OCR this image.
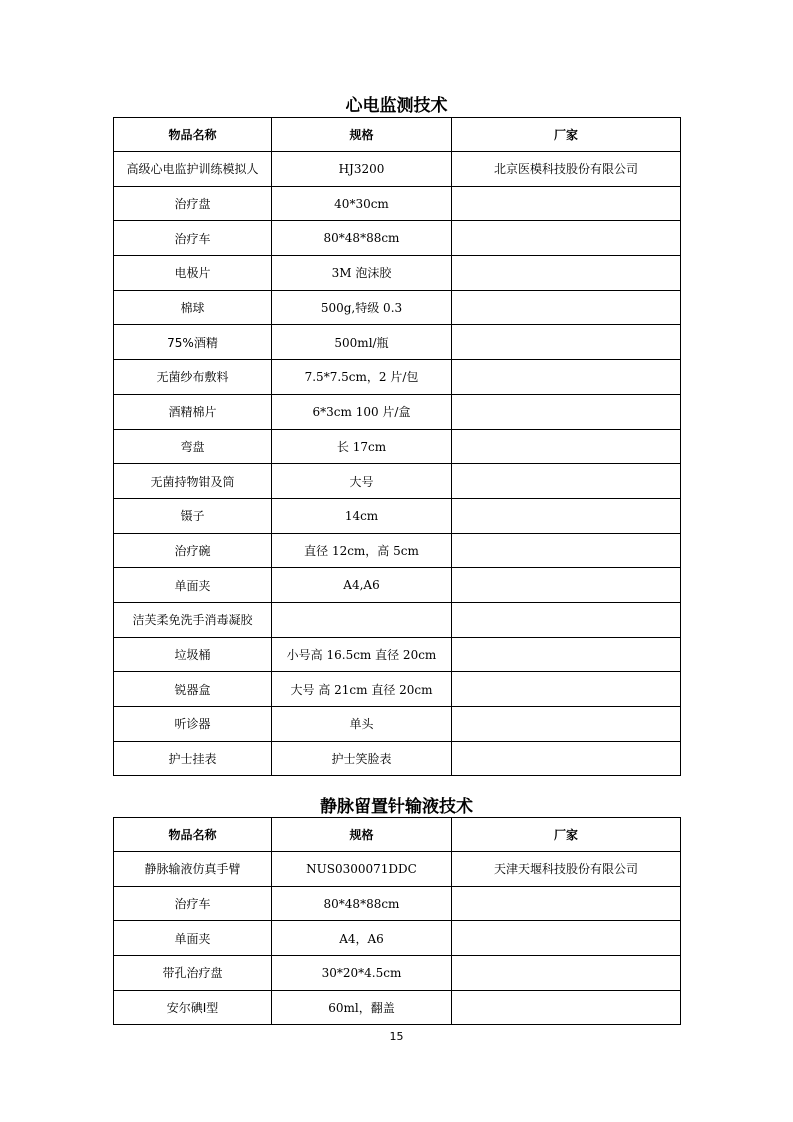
心电监测技术
物品名称	规格	厂家
高级心电监护训练模拟人	HJ3200	北京医模科技股份有限公司
治疗盘	40*30cm	
治疗车	80*48*88cm	
电极片	3M 泡沫胶	
棉球	500g,特级 0.3	
75%酒精	500ml/瓶	
无菌纱布敷料	7.5*7.5cm，2 片/包	
酒精棉片	6*3cm 100 片/盒	
弯盘	长 17cm	
无菌持物钳及筒	大号	
镊子	14cm	
治疗碗	直径 12cm，高 5cm	
单面夹	A4,A6	
洁芙柔免洗手消毒凝胶		
垃圾桶	小号高 16.5cm 直径 20cm	
锐器盒	大号 高 21cm 直径 20cm	
听诊器	单头	
护士挂表	护士笑脸表	
静脉留置针输液技术
物品名称	规格	厂家
静脉输液仿真手臂	NUS0300071DDC	天津天堰科技股份有限公司
治疗车	80*48*88cm	
单面夹	A4，A6	
带孔治疗盘	30*20*4.5cm	
安尔碘Ⅰ型	60ml，翻盖	
15
